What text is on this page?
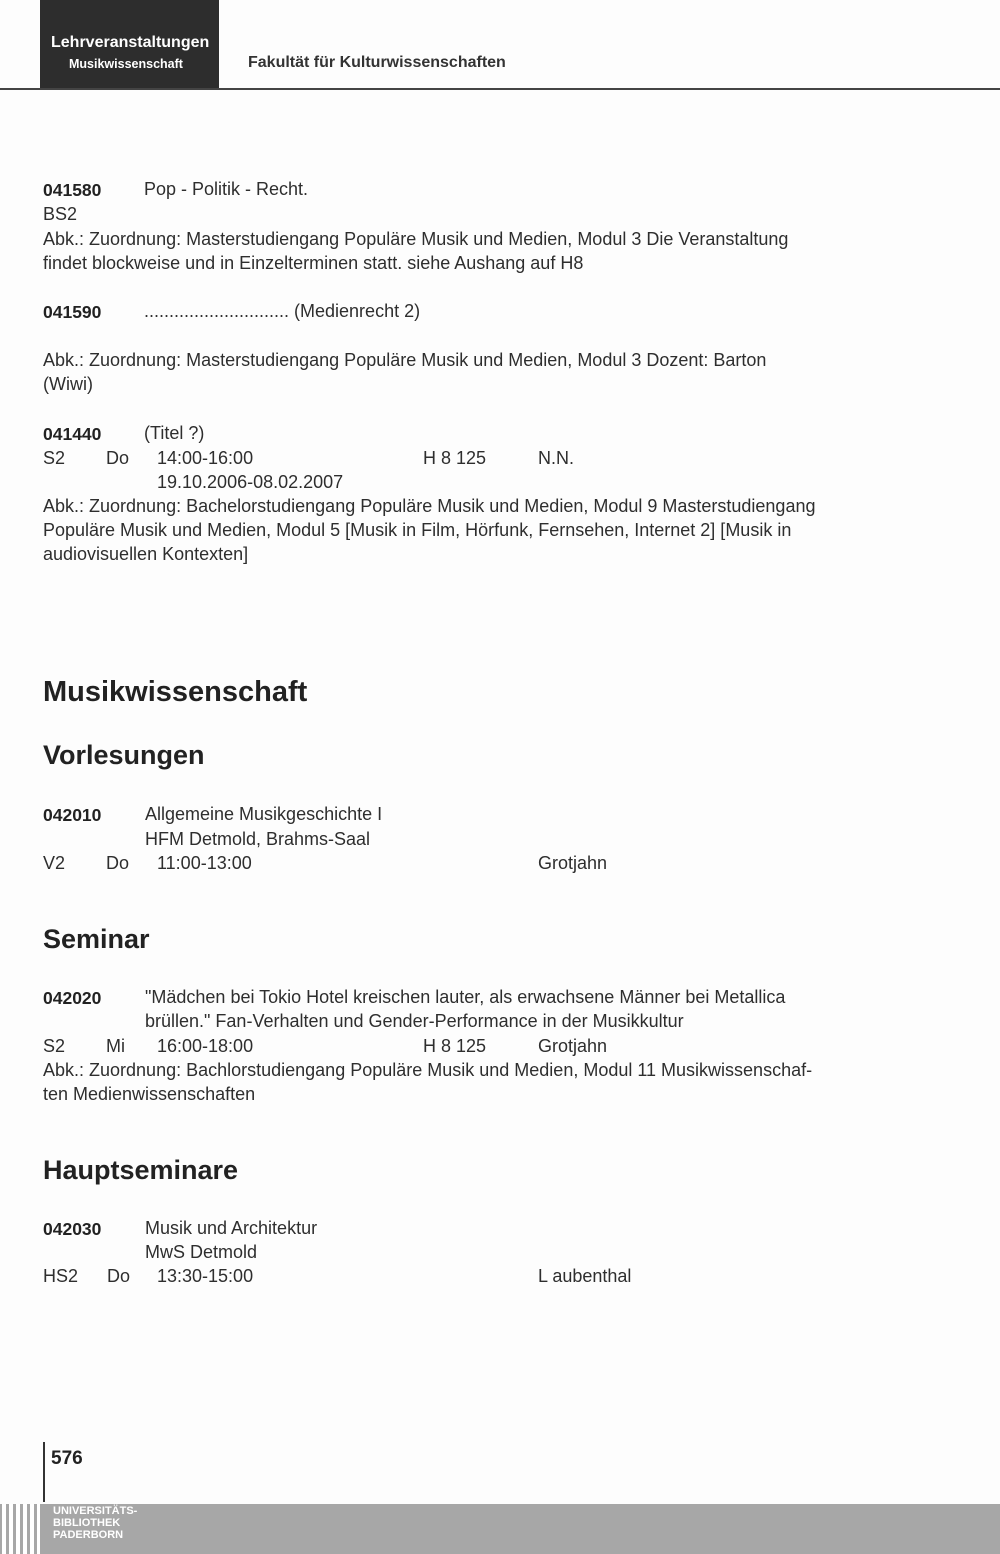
Lehrveranstaltungen
Musikwissenschaft	Fakultät für Kulturwissenschaften
041580 Pop - Politik - Recht.
BS2
Abk.: Zuordnung: Masterstudiengang Populäre Musik und Medien, Modul 3 Die Veranstaltung
findet blockweise und in Einzelterminen statt. siehe Aushang auf H8
041590 ............................. (Medienrecht 2)
Abk.: Zuordnung: Masterstudiengang Populäre Musik und Medien, Modul 3 Dozent: Barton
(Wiwi)
041440 (Titel ?)
S2 Do 14:00-16:00	H 8 125	N.N.
19.10.2006-08.02.2007
Abk.: Zuordnung: Bachelorstudiengang Populäre Musik und Medien, Modul 9 Masterstudiengang
Populäre Musik und Medien, Modul 5 [Musik in Film, Hörfunk, Fernsehen, Internet 2] [Musik in
audiovisuellen Kontexten]
Musikwissenschaft
Vorlesungen
042010 Allgemeine Musikgeschichte I
HFM Detmold, Brahms-Saal
V2 Do 11:00-13:00	Grotjahn
Seminar
042020 "Mädchen bei Tokio Hotel kreischen lauter, als erwachsene Männer bei Metallica
brüllen." Fan-Verhalten und Gender-Performance in der Musikkultur
S2 Mi 16:00-18:00	H 8 125	Grotjahn
Abk.: Zuordnung: Bachlorstudiengang Populäre Musik und Medien, Modul 11 Musikwissenschaf-
ten Medienwissenschaften
Hauptseminare
042030 Musik und Architektur
MwS Detmold
HS2 Do 13:30-15:00	L aubenthal
576
UNIVERSITÄTS-
BIBLIOTHEK
PADERBORN
